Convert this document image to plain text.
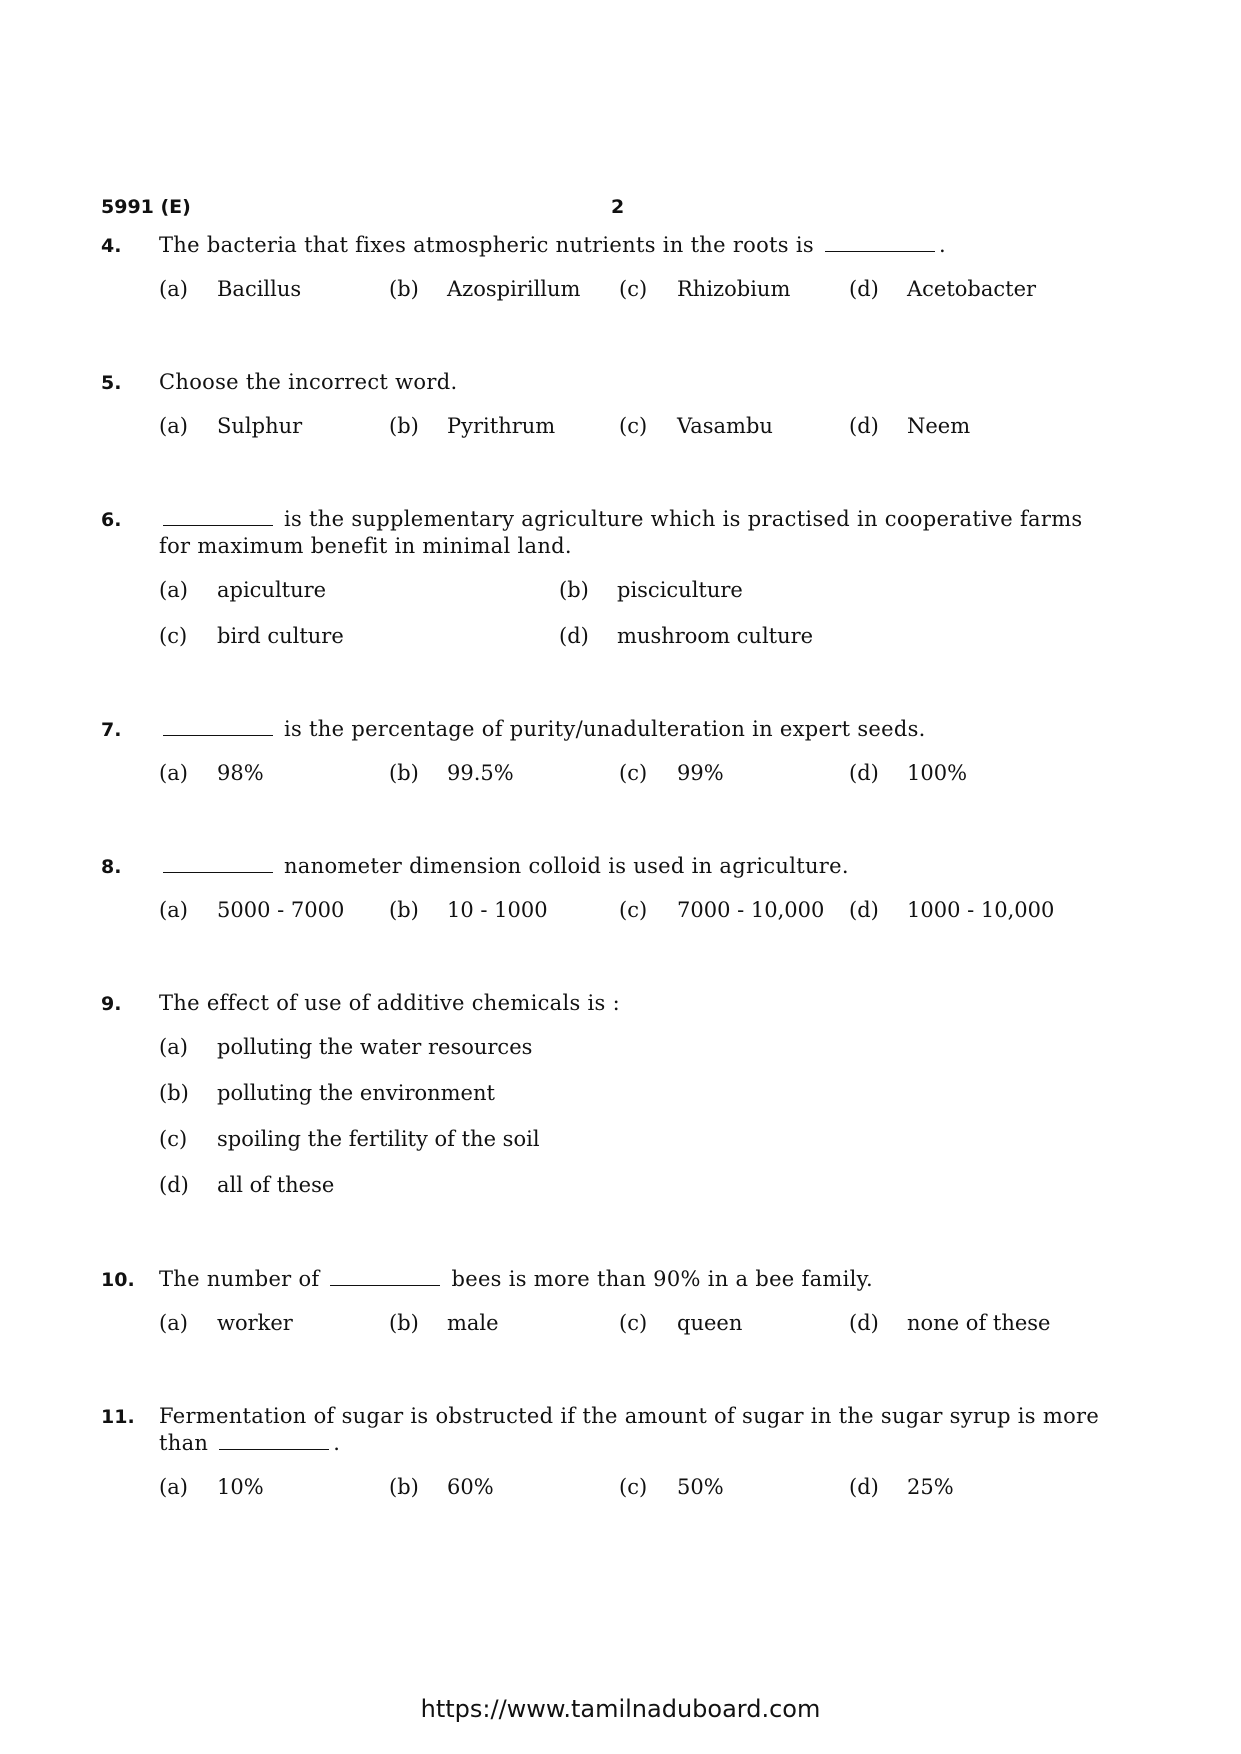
5991 (E)	2
4.	The bacteria that fixes atmospheric nutrients in the roots is	.
(a) Bacillus	(b) Azospirillum (c) Rhizobium	(d) Acetobacter
5.	Choose the incorrect word.
(a) Sulphur	(b) Pyrithrum	(c) Vasambu	(d) Neem
6.	is the supplementary agriculture which is practised in cooperative farms for maximum benefit in minimal land.
(a) apiculture	(b) pisciculture
(c) bird culture	(d) mushroom culture
7.	is the percentage of purity/unadulteration in expert seeds.
(a) 98%	(b) 99.5%	(c) 99%	(d) 100%
8.	nanometer dimension colloid is used in agriculture.
(a) 5000 - 7000 (b) 10 - 1000	(c) 7000 - 10,000 (d) 1000 - 10,000
9.	The effect of use of additive chemicals is :
(a) polluting the water resources
(b) polluting the environment
(c) spoiling the fertility of the soil
(d) all of these
10.	The number of	bees is more than 90% in a bee family.
(a) worker	(b) male	(c) queen	(d) none of these
11.	Fermentation of sugar is obstructed if the amount of sugar in the sugar syrup is more than	.
(a) 10%	(b) 60%	(c) 50%	(d) 25%
https://www.tamilnaduboard.com
